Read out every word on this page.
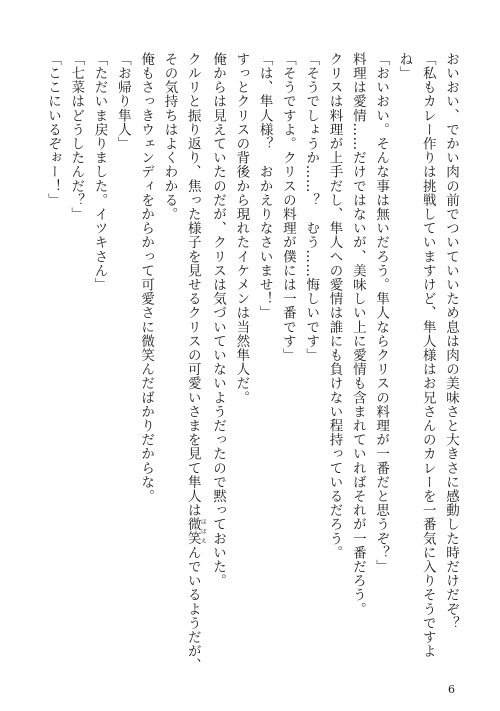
おいおい、でかい肉の前でついていいため息は肉の美味さと大きさに感動した時だけだぞ？
「私もカレー作りは挑戦していますけど、隼人様はお兄さんのカレーを一番気に入りそうですよ
ね」
「おいおい。そんな事は無いだろう。隼人ならクリスの料理が一番だと思うぞ？」
料理は愛情……だけではないが、美味しい上に愛情も含まれていればそれが一番だろう。
クリスは料理が上手だし、隼人への愛情は誰にも負けない程持っているだろう。
「そうでしょうか……？　むう……悔しいです」
「そうですよ。クリスの料理が僕には一番です」
「は、隼人様？　おかえりなさいませ！」
すっとクリスの背後から現れたイケメンは当然隼人だ。
俺からは見えていたのだが、クリスは気づいていないようだったので黙っておいた。
クルリと振り返り、焦った様子を見せるクリスの可愛いさまを見て隼人は微笑ほほえんでいるようだが、
その気持ちはよくわかる。
俺もさっきウェンディをからかって可愛さに微笑んだばかりだからな。
「お帰り隼人」
「ただいま戻りました。イツキさん」
「七菜はどうしたんだ？」
「ここにいるぞぉー！」
6
